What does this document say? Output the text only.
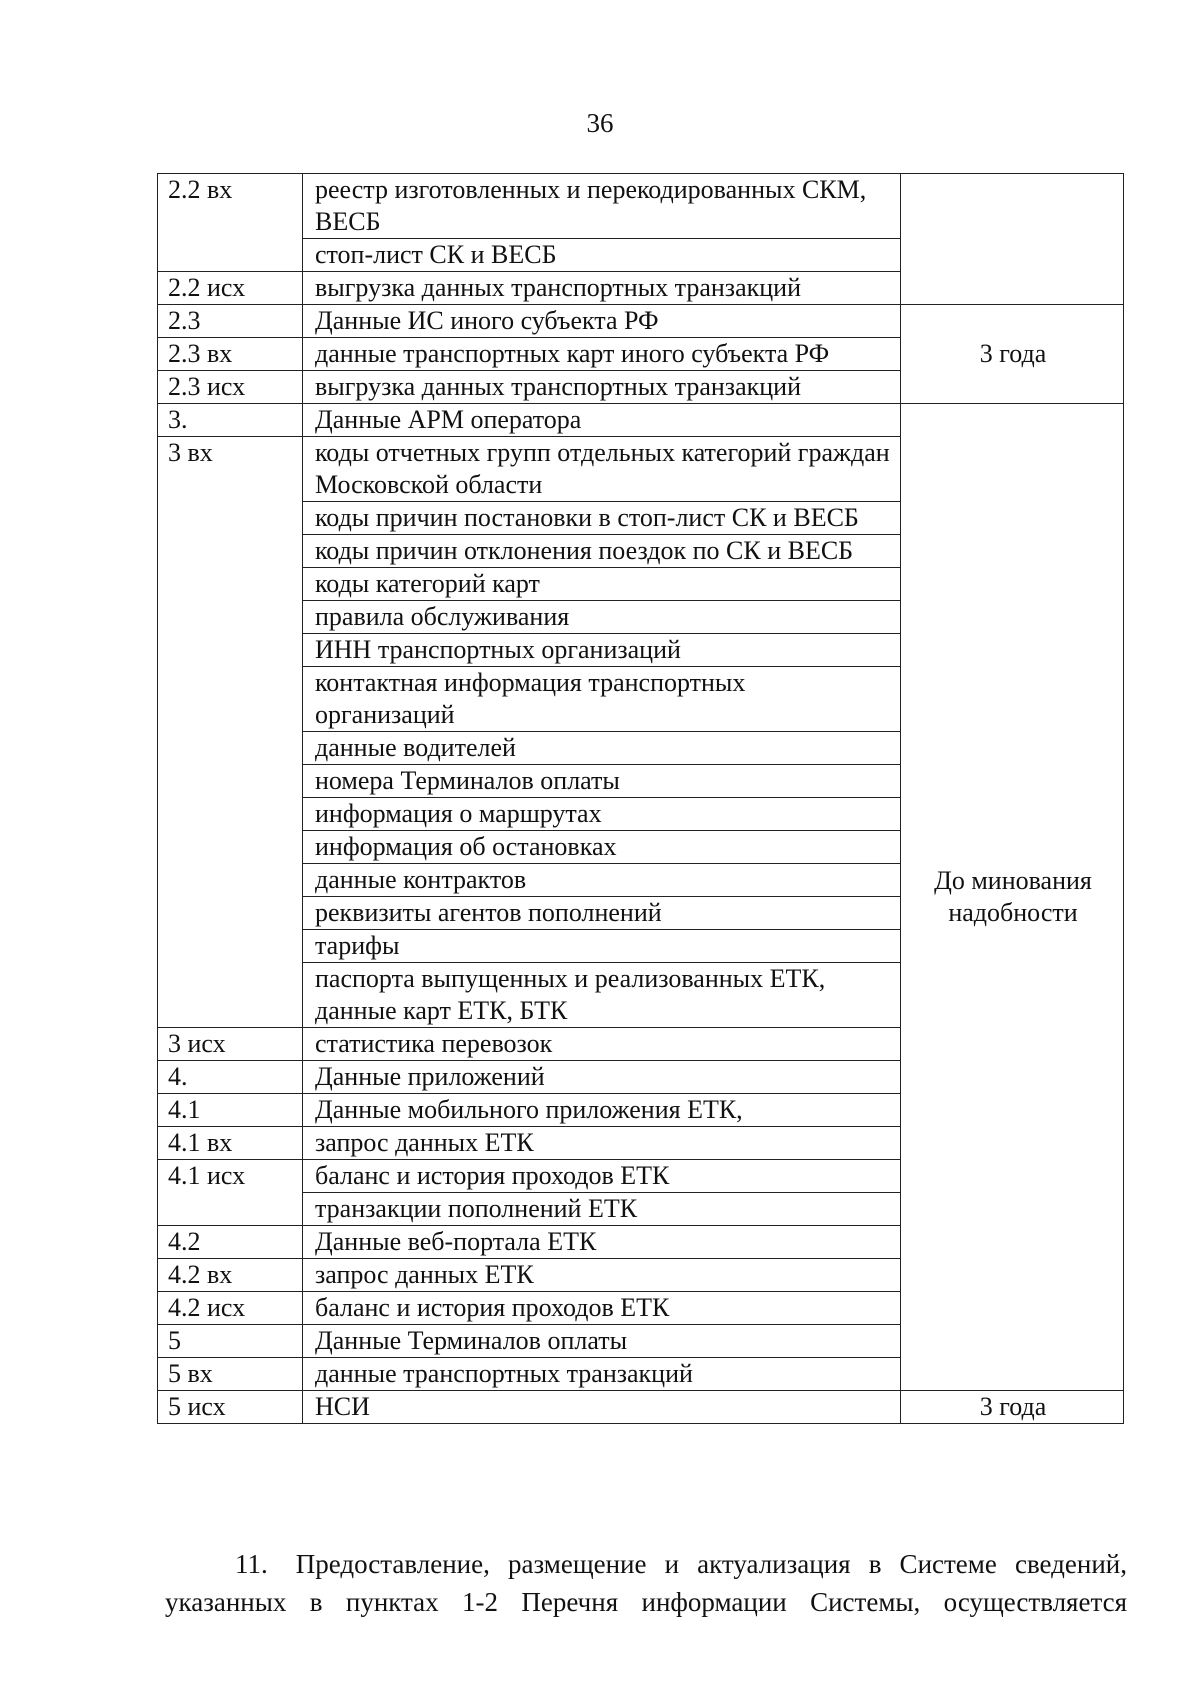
36
2.2 вх	реестр изготовленных и перекодированных СКМ, ВЕСБ	
	стоп-лист СК и ВЕСБ	
2.2 исх	выгрузка данных транспортных транзакций	
2.3	Данные ИС иного субъекта РФ	3 года
2.3 вх	данные транспортных карт иного субъекта РФ	
2.3 исх	выгрузка данных транспортных транзакций	
3.	Данные АРМ оператора	До минования надобности
3 вх	коды отчетных групп отдельных категорий граждан Московской области	
	коды причин постановки в стоп-лист СК и ВЕСБ	
	коды причин отклонения поездок по СК и ВЕСБ	
	коды категорий карт	
	правила обслуживания	
	ИНН транспортных организаций	
	контактная информация транспортных организаций	
	данные водителей	
	номера Терминалов оплаты	
	информация о маршрутах	
	информация об остановках	
	данные контрактов	
	реквизиты агентов пополнений	
	тарифы	
	паспорта выпущенных и реализованных ЕТК, данные карт ЕТК, БТК	
3 исх	статистика перевозок	
4.	Данные приложений	
4.1	Данные мобильного приложения ЕТК,	
4.1 вх	запрос данных ЕТК	
4.1 исх	баланс и история проходов ЕТК	
	транзакции пополнений ЕТК	
4.2	Данные веб-портала ЕТК	
4.2 вх	запрос данных ЕТК	
4.2 исх	баланс и история проходов ЕТК	
5	Данные Терминалов оплаты	
5 вх	данные транспортных транзакций	
5 исх	НСИ	3 года
11. Предоставление, размещение и актуализация в Системе сведений, указанных в пунктах 1-2 Перечня информации Системы, осуществляется
